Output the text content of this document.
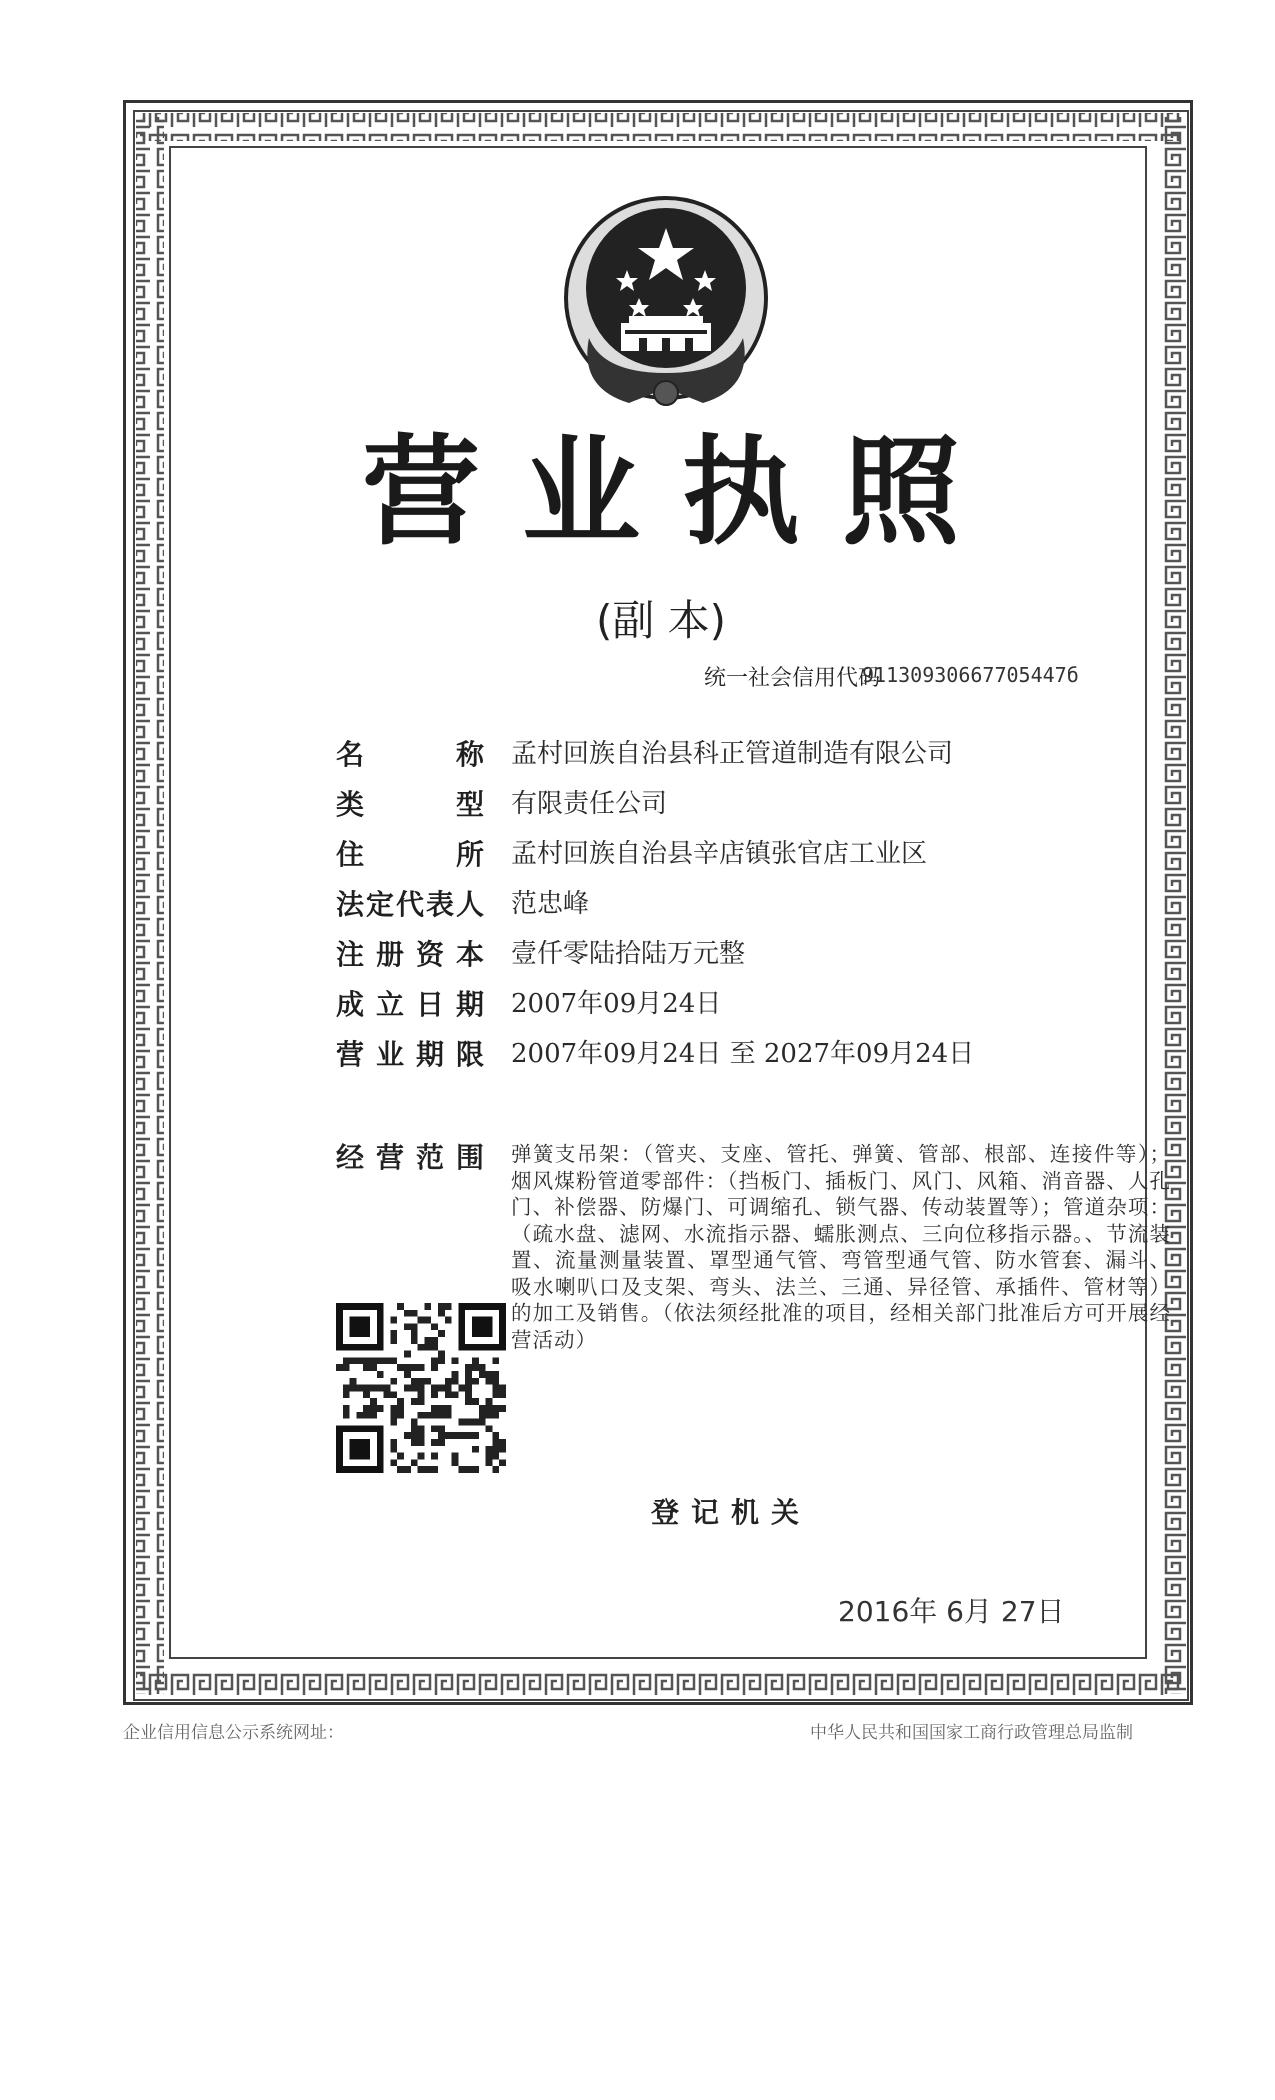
营业执照
(副 本)
统一社会信用代码
91130930667705447б
名称 孟村回族自治县科正管道制造有限公司
类型 有限责任公司
住所 孟村回族自治县辛店镇张官店工业区
法定代表人 范忠峰
注册资本 壹仟零陆拾陆万元整
成立日期 2007年09月24日
营业期限 2007年09月24日 至 2027年09月24日
经营范围 弹簧支吊架：（管夹、支座、管托、弹簧、管部、根部、连接件等）；烟风煤粉管道零部件：（挡板门、插板门、风门、风箱、消音器、人孔门、补偿器、防爆门、可调缩孔、锁气器、传动装置等）；管道杂项：（疏水盘、滤网、水流指示器、蠕胀测点、三向位移指示器。、节流装置、流量测量装置、罩型通气管、弯管型通气管、防水管套、漏斗、吸水喇叭口及支架、弯头、法兰、三通、异径管、承插件、管材等）的加工及销售。（依法须经批准的项目，经相关部门批准后方可开展经营活动）
登记机关
2016年 6月 27日
企业信用信息公示系统网址：	中华人民共和国国家工商行政管理总局监制
